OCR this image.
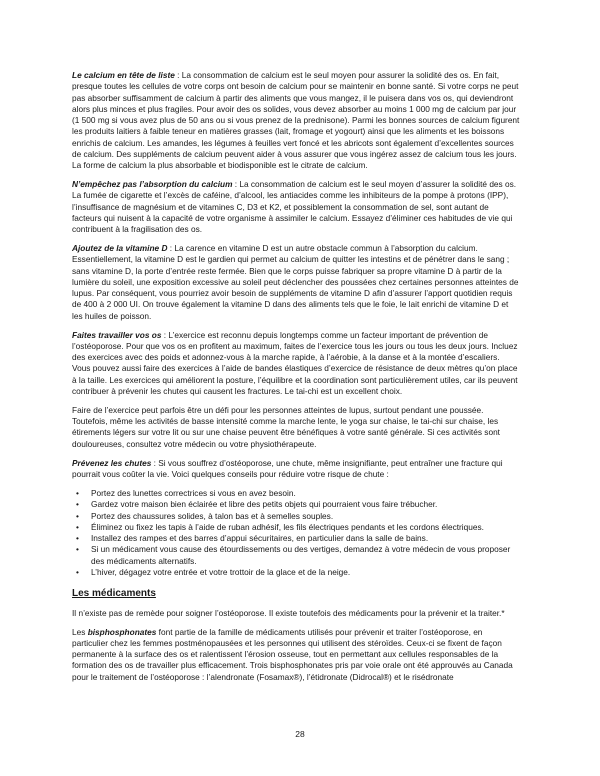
Le calcium en tête de liste : La consommation de calcium est le seul moyen pour assurer la solidité des os. En fait, presque toutes les cellules de votre corps ont besoin de calcium pour se maintenir en bonne santé. Si votre corps ne peut pas absorber suffisamment de calcium à partir des aliments que vous mangez, il le puisera dans vos os, qui deviendront alors plus minces et plus fragiles. Pour avoir des os solides, vous devez absorber au moins 1 000 mg de calcium par jour (1 500 mg si vous avez plus de 50 ans ou si vous prenez de la prednisone). Parmi les bonnes sources de calcium figurent les produits laitiers à faible teneur en matières grasses (lait, fromage et yogourt) ainsi que les aliments et les boissons enrichis de calcium. Les amandes, les légumes à feuilles vert foncé et les abricots sont également d’excellentes sources de calcium. Des suppléments de calcium peuvent aider à vous assurer que vous ingérez assez de calcium tous les jours. La forme de calcium la plus absorbable et biodisponible est le citrate de calcium.

N’empêchez pas l’absorption du calcium : La consommation de calcium est le seul moyen d’assurer la solidité des os. La fumée de cigarette et l’excès de caféine, d’alcool, les antiacides comme les inhibiteurs de la pompe à protons (IPP), l’insuffisance de magnésium et de vitamines C, D3 et K2, et possiblement la consommation de sel, sont autant de facteurs qui nuisent à la capacité de votre organisme à assimiler le calcium. Essayez d’éliminer ces habitudes de vie qui contribuent à la fragilisation des os.

Ajoutez de la vitamine D : La carence en vitamine D est un autre obstacle commun à l’absorption du calcium. Essentiellement, la vitamine D est le gardien qui permet au calcium de quitter les intestins et de pénétrer dans le sang ; sans vitamine D, la porte d’entrée reste fermée. Bien que le corps puisse fabriquer sa propre vitamine D à partir de la lumière du soleil, une exposition excessive au soleil peut déclencher des poussées chez certaines personnes atteintes de lupus. Par conséquent, vous pourriez avoir besoin de suppléments de vitamine D afin d’assurer l’apport quotidien requis de 400 à 2 000 UI. On trouve également la vitamine D dans des aliments tels que le foie, le lait enrichi de vitamine D et les huiles de poisson.

Faites travailler vos os : L’exercice est reconnu depuis longtemps comme un facteur important de prévention de l’ostéoporose. Pour que vos os en profitent au maximum, faites de l’exercice tous les jours ou tous les deux jours. Incluez des exercices avec des poids et adonnez-vous à la marche rapide, à l’aérobie, à la danse et à la montée d’escaliers. Vous pouvez aussi faire des exercices à l’aide de bandes élastiques d’exercice de résistance de deux mètres qu’on place à la taille. Les exercices qui améliorent la posture, l’équilibre et la coordination sont particulièrement utiles, car ils peuvent contribuer à prévenir les chutes qui causent les fractures. Le tai-chi est un excellent choix.

Faire de l’exercice peut parfois être un défi pour les personnes atteintes de lupus, surtout pendant une poussée. Toutefois, même les activités de basse intensité comme la marche lente, le yoga sur chaise, le tai-chi sur chaise, les étirements légers sur votre lit ou sur une chaise peuvent être bénéfiques à votre santé générale. Si ces activités sont douloureuses, consultez votre médecin ou votre physiothérapeute.

Prévenez les chutes : Si vous souffrez d’ostéoporose, une chute, même insignifiante, peut entraîner une fracture qui pourrait vous coûter la vie. Voici quelques conseils pour réduire votre risque de chute :

• Portez des lunettes correctrices si vous en avez besoin.
• Gardez votre maison bien éclairée et libre des petits objets qui pourraient vous faire trébucher.
• Portez des chaussures solides, à talon bas et à semelles souples.
• Éliminez ou fixez les tapis à l’aide de ruban adhésif, les fils électriques pendants et les cordons électriques.
• Installez des rampes et des barres d’appui sécuritaires, en particulier dans la salle de bains.
• Si un médicament vous cause des étourdissements ou des vertiges, demandez à votre médecin de vous proposer des médicaments alternatifs.
• L’hiver, dégagez votre entrée et votre trottoir de la glace et de la neige.
Les médicaments

Il n’existe pas de remède pour soigner l’ostéoporose. Il existe toutefois des médicaments pour la prévenir et la traiter.*

Les bisphosphonates font partie de la famille de médicaments utilisés pour prévenir et traiter l’ostéoporose, en particulier chez les femmes postménopausées et les personnes qui utilisent des stéroïdes. Ceux-ci se fixent de façon permanente à la surface des os et ralentissent l’érosion osseuse, tout en permettant aux cellules responsables de la formation des os de travailler plus efficacement. Trois bisphosphonates pris par voie orale ont été approuvés au Canada pour le traitement de l’ostéoporose : l’alendronate (Fosamax®), l’étidronate (Didrocal®) et le risédronate

28
